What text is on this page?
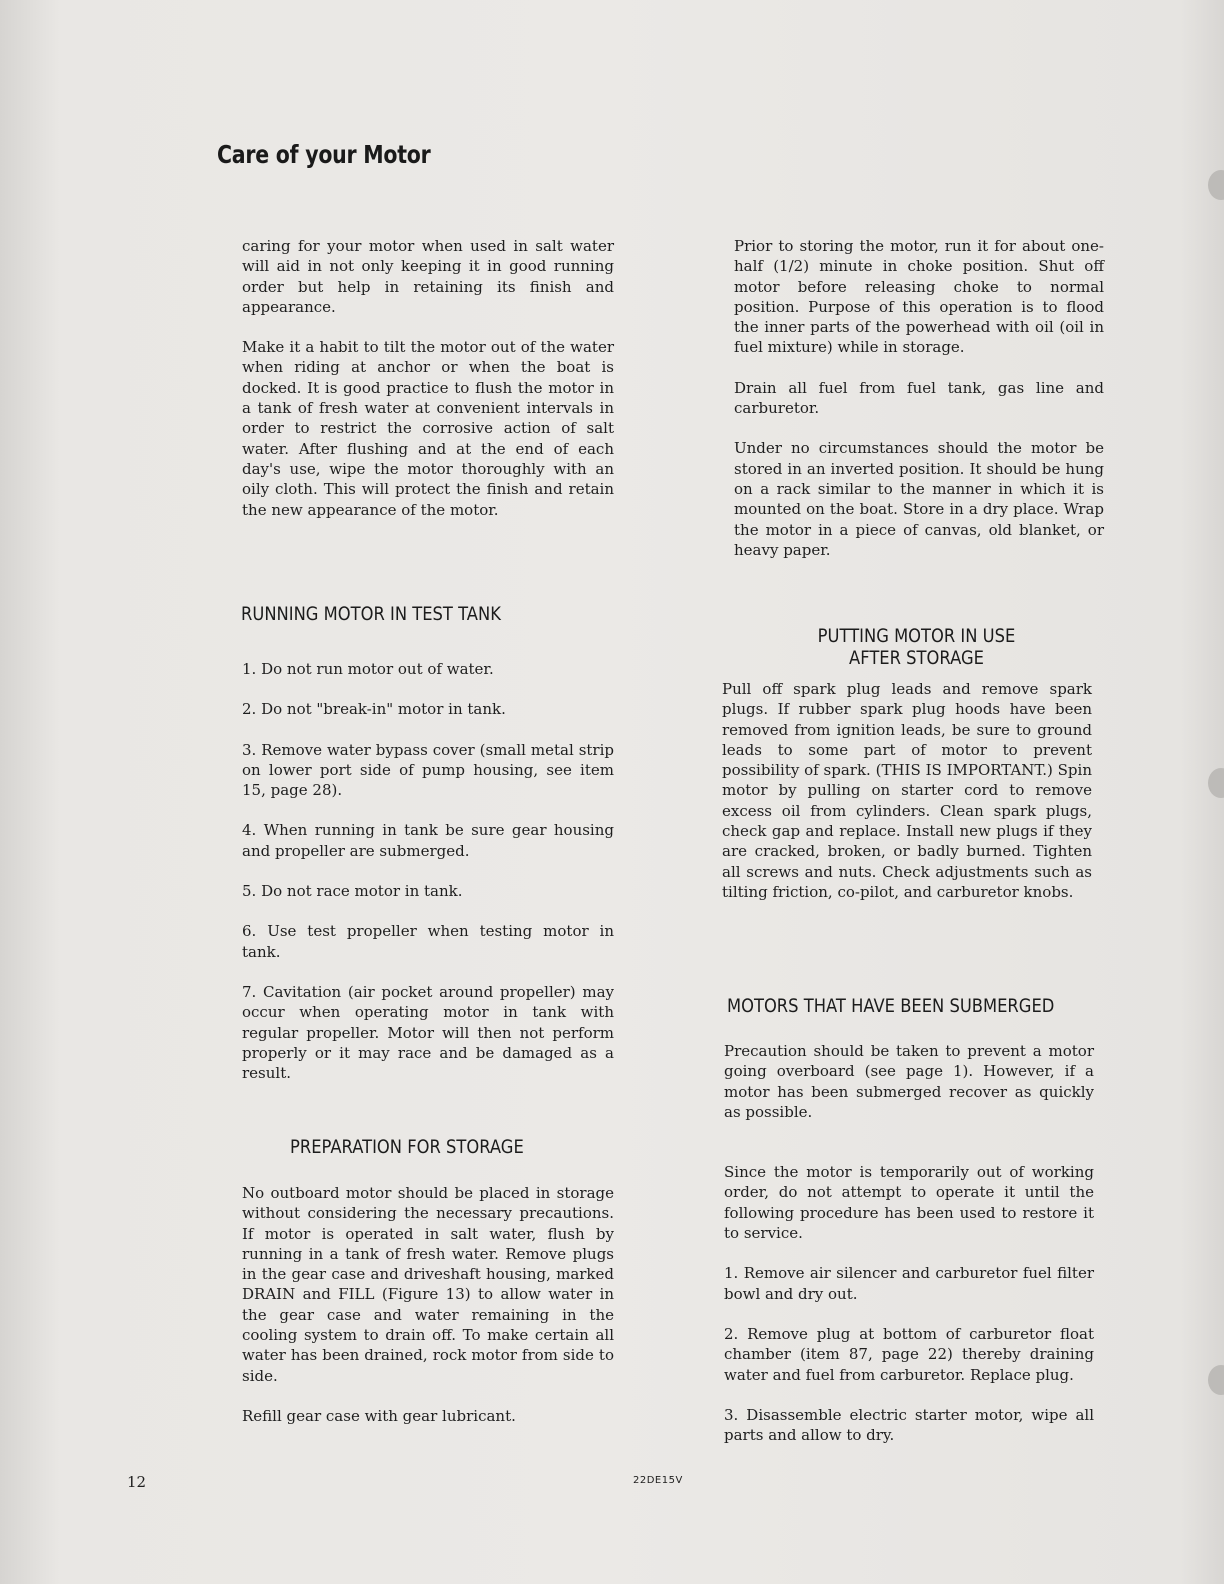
Care of your Motor

caring for your motor when used in salt water will aid in not only keeping it in good running order but help in retaining its finish and appearance.

Make it a habit to tilt the motor out of the water when riding at anchor or when the boat is docked. It is good practice to flush the motor in a tank of fresh water at convenient intervals in order to restrict the corrosive action of salt water. After flushing and at the end of each day's use, wipe the motor thoroughly with an oily cloth. This will protect the finish and retain the new appearance of the motor.

RUNNING MOTOR IN TEST TANK

1. Do not run motor out of water.

2. Do not "break-in" motor in tank.

3. Remove water bypass cover (small metal strip on lower port side of pump housing, see item 15, page 28).

4. When running in tank be sure gear housing and propeller are submerged.

5. Do not race motor in tank.

6. Use test propeller when testing motor in tank.

7. Cavitation (air pocket around propeller) may occur when operating motor in tank with regular propeller. Motor will then not perform properly or it may race and be damaged as a result.

PREPARATION FOR STORAGE

No outboard motor should be placed in storage without considering the necessary precautions. If motor is operated in salt water, flush by running in a tank of fresh water. Remove plugs in the gear case and driveshaft housing, marked DRAIN and FILL (Figure 13) to allow water in the gear case and water remaining in the cooling system to drain off. To make certain all water has been drained, rock motor from side to side.

Refill gear case with gear lubricant.

Prior to storing the motor, run it for about one-half (1/2) minute in choke position. Shut off motor before releasing choke to normal position. Purpose of this operation is to flood the inner parts of the powerhead with oil (oil in fuel mixture) while in storage.

Drain all fuel from fuel tank, gas line and carburetor.

Under no circumstances should the motor be stored in an inverted position. It should be hung on a rack similar to the manner in which it is mounted on the boat. Store in a dry place. Wrap the motor in a piece of canvas, old blanket, or heavy paper.

PUTTING MOTOR IN USE
AFTER STORAGE

Pull off spark plug leads and remove spark plugs. If rubber spark plug hoods have been removed from ignition leads, be sure to ground leads to some part of motor to prevent possibility of spark. (THIS IS IMPORTANT.) Spin motor by pulling on starter cord to remove excess oil from cylinders. Clean spark plugs, check gap and replace. Install new plugs if they are cracked, broken, or badly burned. Tighten all screws and nuts. Check adjustments such as tilting friction, co-pilot, and carburetor knobs.

MOTORS THAT HAVE BEEN SUBMERGED

Precaution should be taken to prevent a motor going overboard (see page 1). However, if a motor has been submerged recover as quickly as possible.

Since the motor is temporarily out of working order, do not attempt to operate it until the following procedure has been used to restore it to service.

1. Remove air silencer and carburetor fuel filter bowl and dry out.

2. Remove plug at bottom of carburetor float chamber (item 87, page 22) thereby draining water and fuel from carburetor. Replace plug.

3. Disassemble electric starter motor, wipe all parts and allow to dry.

12	22DE15V
